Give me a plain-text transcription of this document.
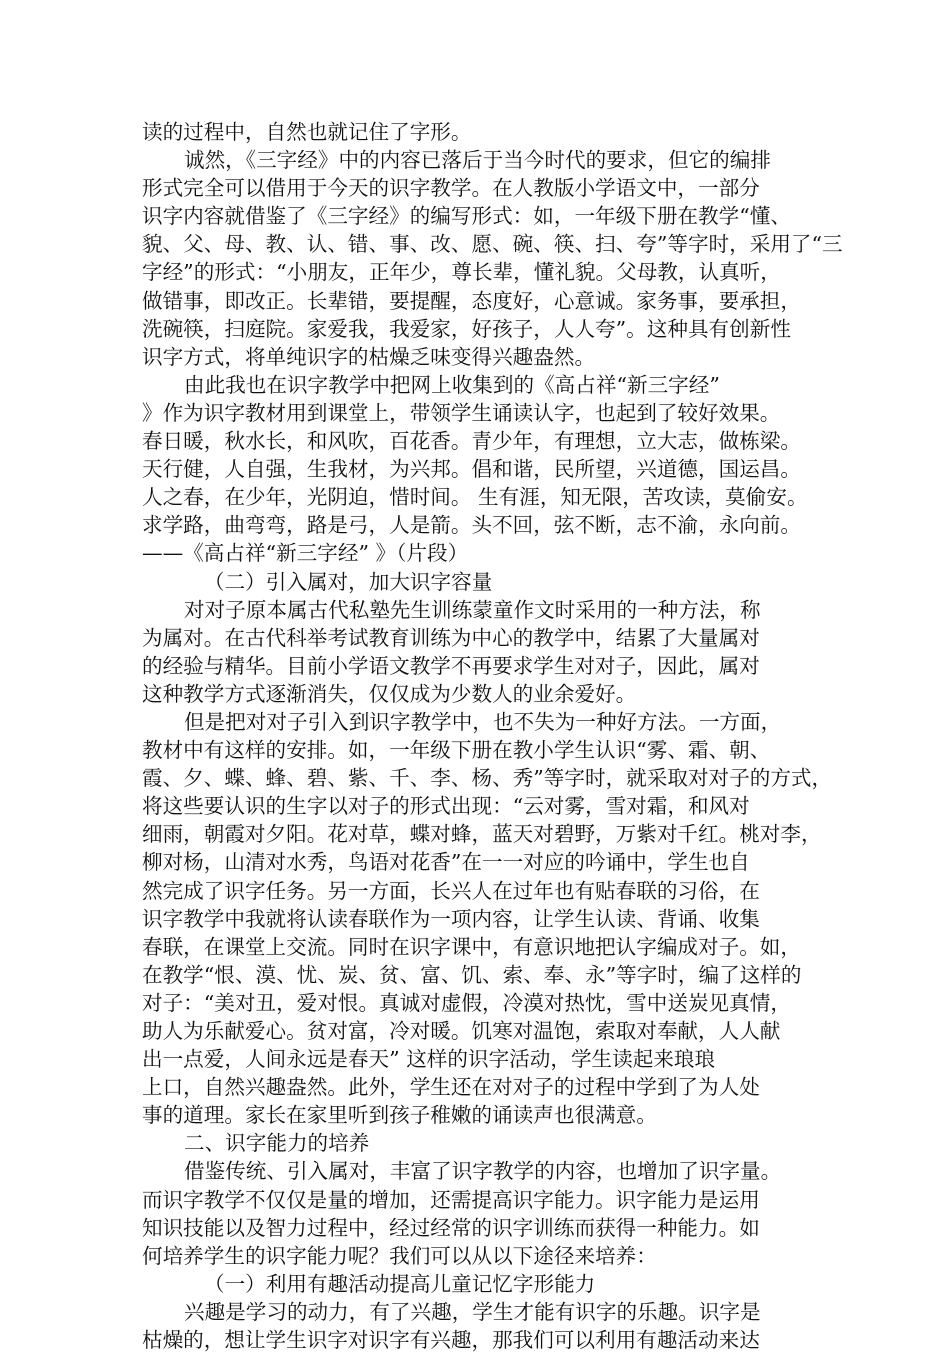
读的过程中，自然也就记住了字形。
诚然，《三字经》中的内容已落后于当今时代的要求，但它的编排
形式完全可以借用于今天的识字教学。在人教版小学语文中，一部分
识字内容就借鉴了《三字经》的编写形式：如，一年级下册在教学“懂、
貌、父、母、教、认、错、事、改、愿、碗、筷、扫、夸”等字时，采用了“三
字经”的形式：“小朋友，正年少，尊长辈，懂礼貌。父母教，认真听，
做错事，即改正。长辈错，要提醒，态度好，心意诚。家务事，要承担，
洗碗筷，扫庭院。家爱我，我爱家，好孩子，人人夸”。这种具有创新性
识字方式，将单纯识字的枯燥乏味变得兴趣盎然。
由此我也在识字教学中把网上收集到的《高占祥“新三字经”
》作为识字教材用到课堂上，带领学生诵读认字，也起到了较好效果。
春日暖，秋水长，和风吹，百花香。青少年，有理想，立大志，做栋梁。
天行健，人自强，生我材，为兴邦。倡和谐，民所望，兴道德，国运昌。
人之春，在少年，光阴迫，惜时间。 生有涯，知无限，苦攻读，莫偷安。
求学路，曲弯弯，路是弓，人是箭。头不回，弦不断，志不渝，永向前。
——《高占祥“新三字经” 》（片段）
（二）引入属对，加大识字容量
对对子原本属古代私塾先生训练蒙童作文时采用的一种方法，称
为属对。在古代科举考试教育训练为中心的教学中，结累了大量属对
的经验与精华。目前小学语文教学不再要求学生对对子，因此，属对
这种教学方式逐渐消失，仅仅成为少数人的业余爱好。
但是把对对子引入到识字教学中，也不失为一种好方法。一方面，
教材中有这样的安排。如，一年级下册在教小学生认识“雾、霜、朝、
霞、夕、蝶、蜂、碧、紫、千、李、杨、秀”等字时，就采取对对子的方式，
将这些要认识的生字以对子的形式出现：“云对雾，雪对霜，和风对
细雨，朝霞对夕阳。花对草，蝶对蜂，蓝天对碧野，万紫对千红。桃对李，
柳对杨，山清对水秀，鸟语对花香”在一一对应的吟诵中，学生也自
然完成了识字任务。另一方面，长兴人在过年也有贴春联的习俗，在
识字教学中我就将认读春联作为一项内容，让学生认读、背诵、收集
春联，在课堂上交流。同时在识字课中，有意识地把认字编成对子。如，
在教学“恨、漠、忧、炭、贫、富、饥、索、奉、永”等字时，编了这样的
对子：“美对丑，爱对恨。真诚对虚假，冷漠对热忱，雪中送炭见真情，
助人为乐献爱心。贫对富，冷对暖。饥寒对温饱，索取对奉献，人人献
出一点爱，人间永远是春天” 这样的识字活动，学生读起来琅琅
上口，自然兴趣盎然。此外，学生还在对对子的过程中学到了为人处
事的道理。家长在家里听到孩子稚嫩的诵读声也很满意。
二、识字能力的培养
借鉴传统、引入属对，丰富了识字教学的内容，也增加了识字量。
而识字教学不仅仅是量的增加，还需提高识字能力。识字能力是运用
知识技能以及智力过程中，经过经常的识字训练而获得一种能力。如
何培养学生的识字能力呢？我们可以从以下途径来培养：
（一）利用有趣活动提高儿童记忆字形能力
兴趣是学习的动力，有了兴趣，学生才能有识字的乐趣。识字是
枯燥的，想让学生识字对识字有兴趣，那我们可以利用有趣活动来达
